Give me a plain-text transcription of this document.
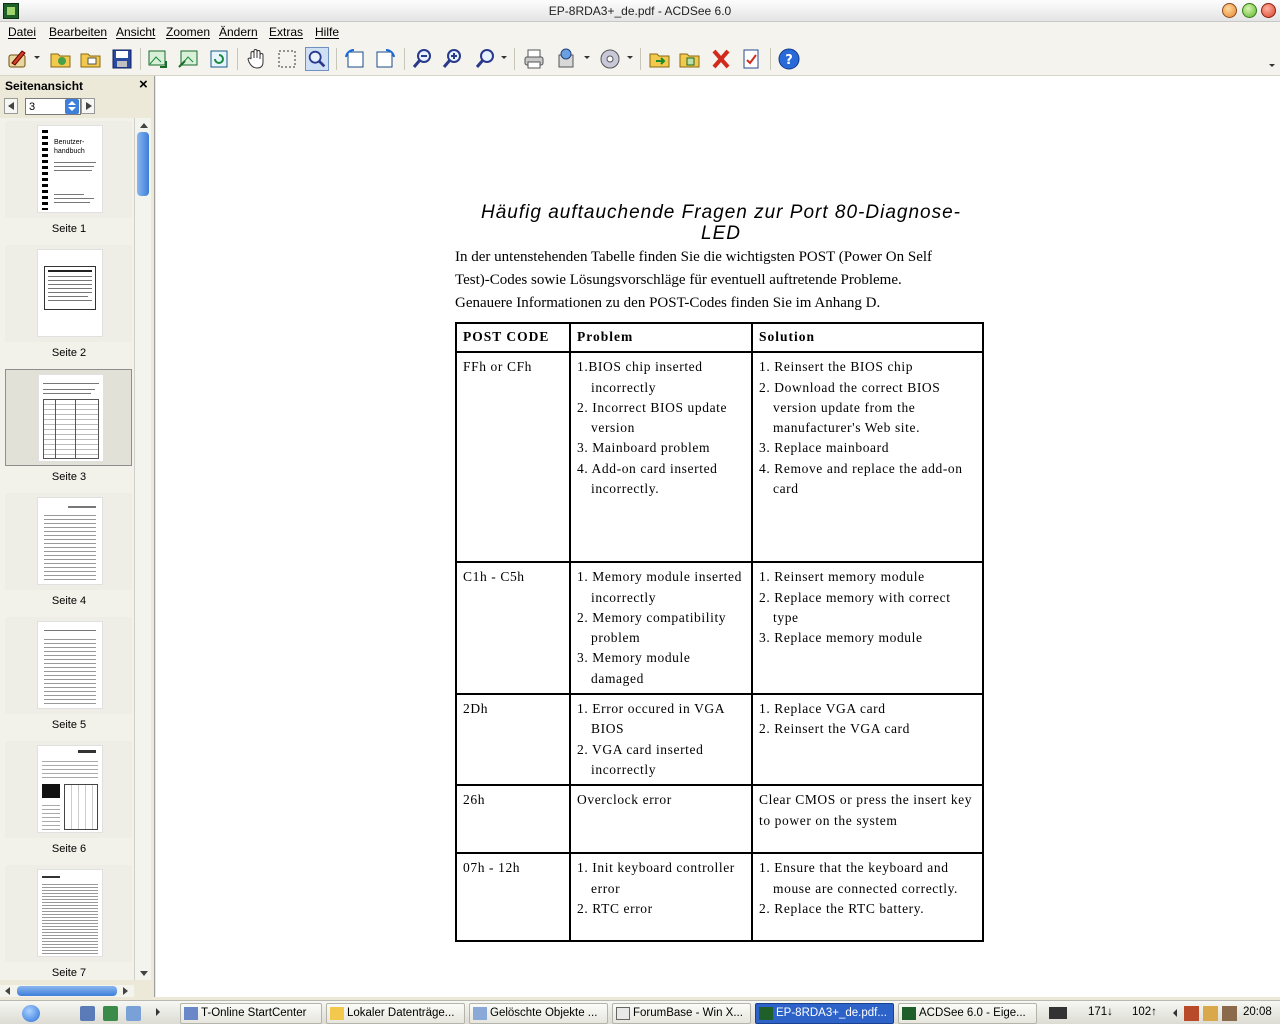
EP-8RDA3+_de.pdf - ACDSee 6.0
Datei Bearbeiten Ansicht Zoomen Ändern Extras Hilfe
?
Seitenansicht	×
3
Benutzer-
handbuch
Seite 1
Seite 2
Seite 3
Seite 4
Seite 5
Seite 6
Seite 7
Häufig auftauchende Fragen zur Port 80-Diagnose-
LED
In der untenstehenden Tabelle finden Sie die wichtigsten POST (Power On Self
Test)-Codes sowie Lösungsvorschläge für eventuell auftretende Probleme.
Genauere Informationen zu den POST-Codes finden Sie im Anhang D.
POST CODE	Problem	Solution
FFh or CFh	1.BIOS chip inserted incorrectly
2. Incorrect BIOS update version
3. Mainboard problem
4. Add-on card inserted incorrectly.	1. Reinsert the BIOS chip
2. Download the correct BIOS version update from the manufacturer's Web site.
3. Replace mainboard
4. Remove and replace the add-on card

C1h - C5h	1. Memory module inserted incorrectly
2. Memory compatibility problem
3. Memory module damaged	1. Reinsert memory module
2. Replace memory with correct type
3. Replace memory module

2Dh	1. Error occured in VGA BIOS
2. VGA card inserted incorrectly	1. Replace VGA card
2. Reinsert the VGA card

26h	Overclock error	Clear CMOS or press the insert key to power on the system

07h - 12h	1. Init keyboard controller error
2. RTC error	1. Ensure that the keyboard and mouse are connected correctly.
2. Replace the RTC battery.
T-Online StartCenter	Lokaler Datenträge...	Gelöschte Objekte ...	ForumBase - Win X...	EP-8RDA3+_de.pdf...	ACDSee 6.0 - Eige...	171↓ 102↑	20:08
